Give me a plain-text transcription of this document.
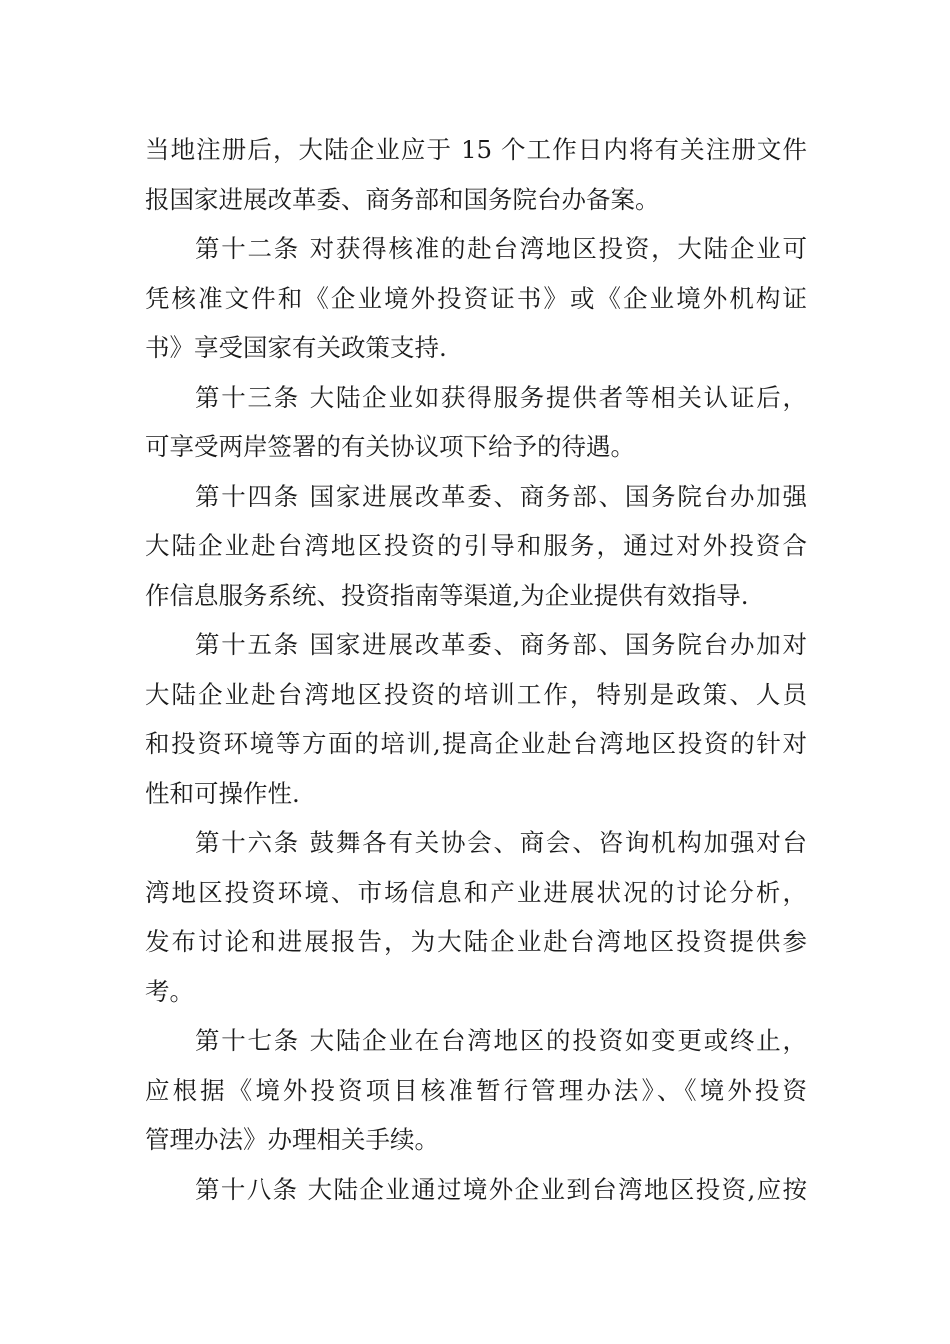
当地注册后，大陆企业应于 15 个工作日内将有关注册文件
报国家进展改革委、商务部和国务院台办备案。
第十二条 对获得核准的赴台湾地区投资，大陆企业可
凭核准文件和《企业境外投资证书》或《企业境外机构证
书》享受国家有关政策支持.
第十三条 大陆企业如获得服务提供者等相关认证后，
可享受两岸签署的有关协议项下给予的待遇。
第十四条 国家进展改革委、商务部、国务院台办加强
大陆企业赴台湾地区投资的引导和服务，通过对外投资合
作信息服务系统、投资指南等渠道,为企业提供有效指导.
第十五条 国家进展改革委、商务部、国务院台办加对
大陆企业赴台湾地区投资的培训工作，特别是政策、人员
和投资环境等方面的培训,提高企业赴台湾地区投资的针对
性和可操作性.
第十六条 鼓舞各有关协会、商会、咨询机构加强对台
湾地区投资环境、市场信息和产业进展状况的讨论分析，
发布讨论和进展报告，为大陆企业赴台湾地区投资提供参
考。
第十七条 大陆企业在台湾地区的投资如变更或终止，
应根据《境外投资项目核准暂行管理办法》、《境外投资
管理办法》办理相关手续。
第十八条 大陆企业通过境外企业到台湾地区投资,应按
